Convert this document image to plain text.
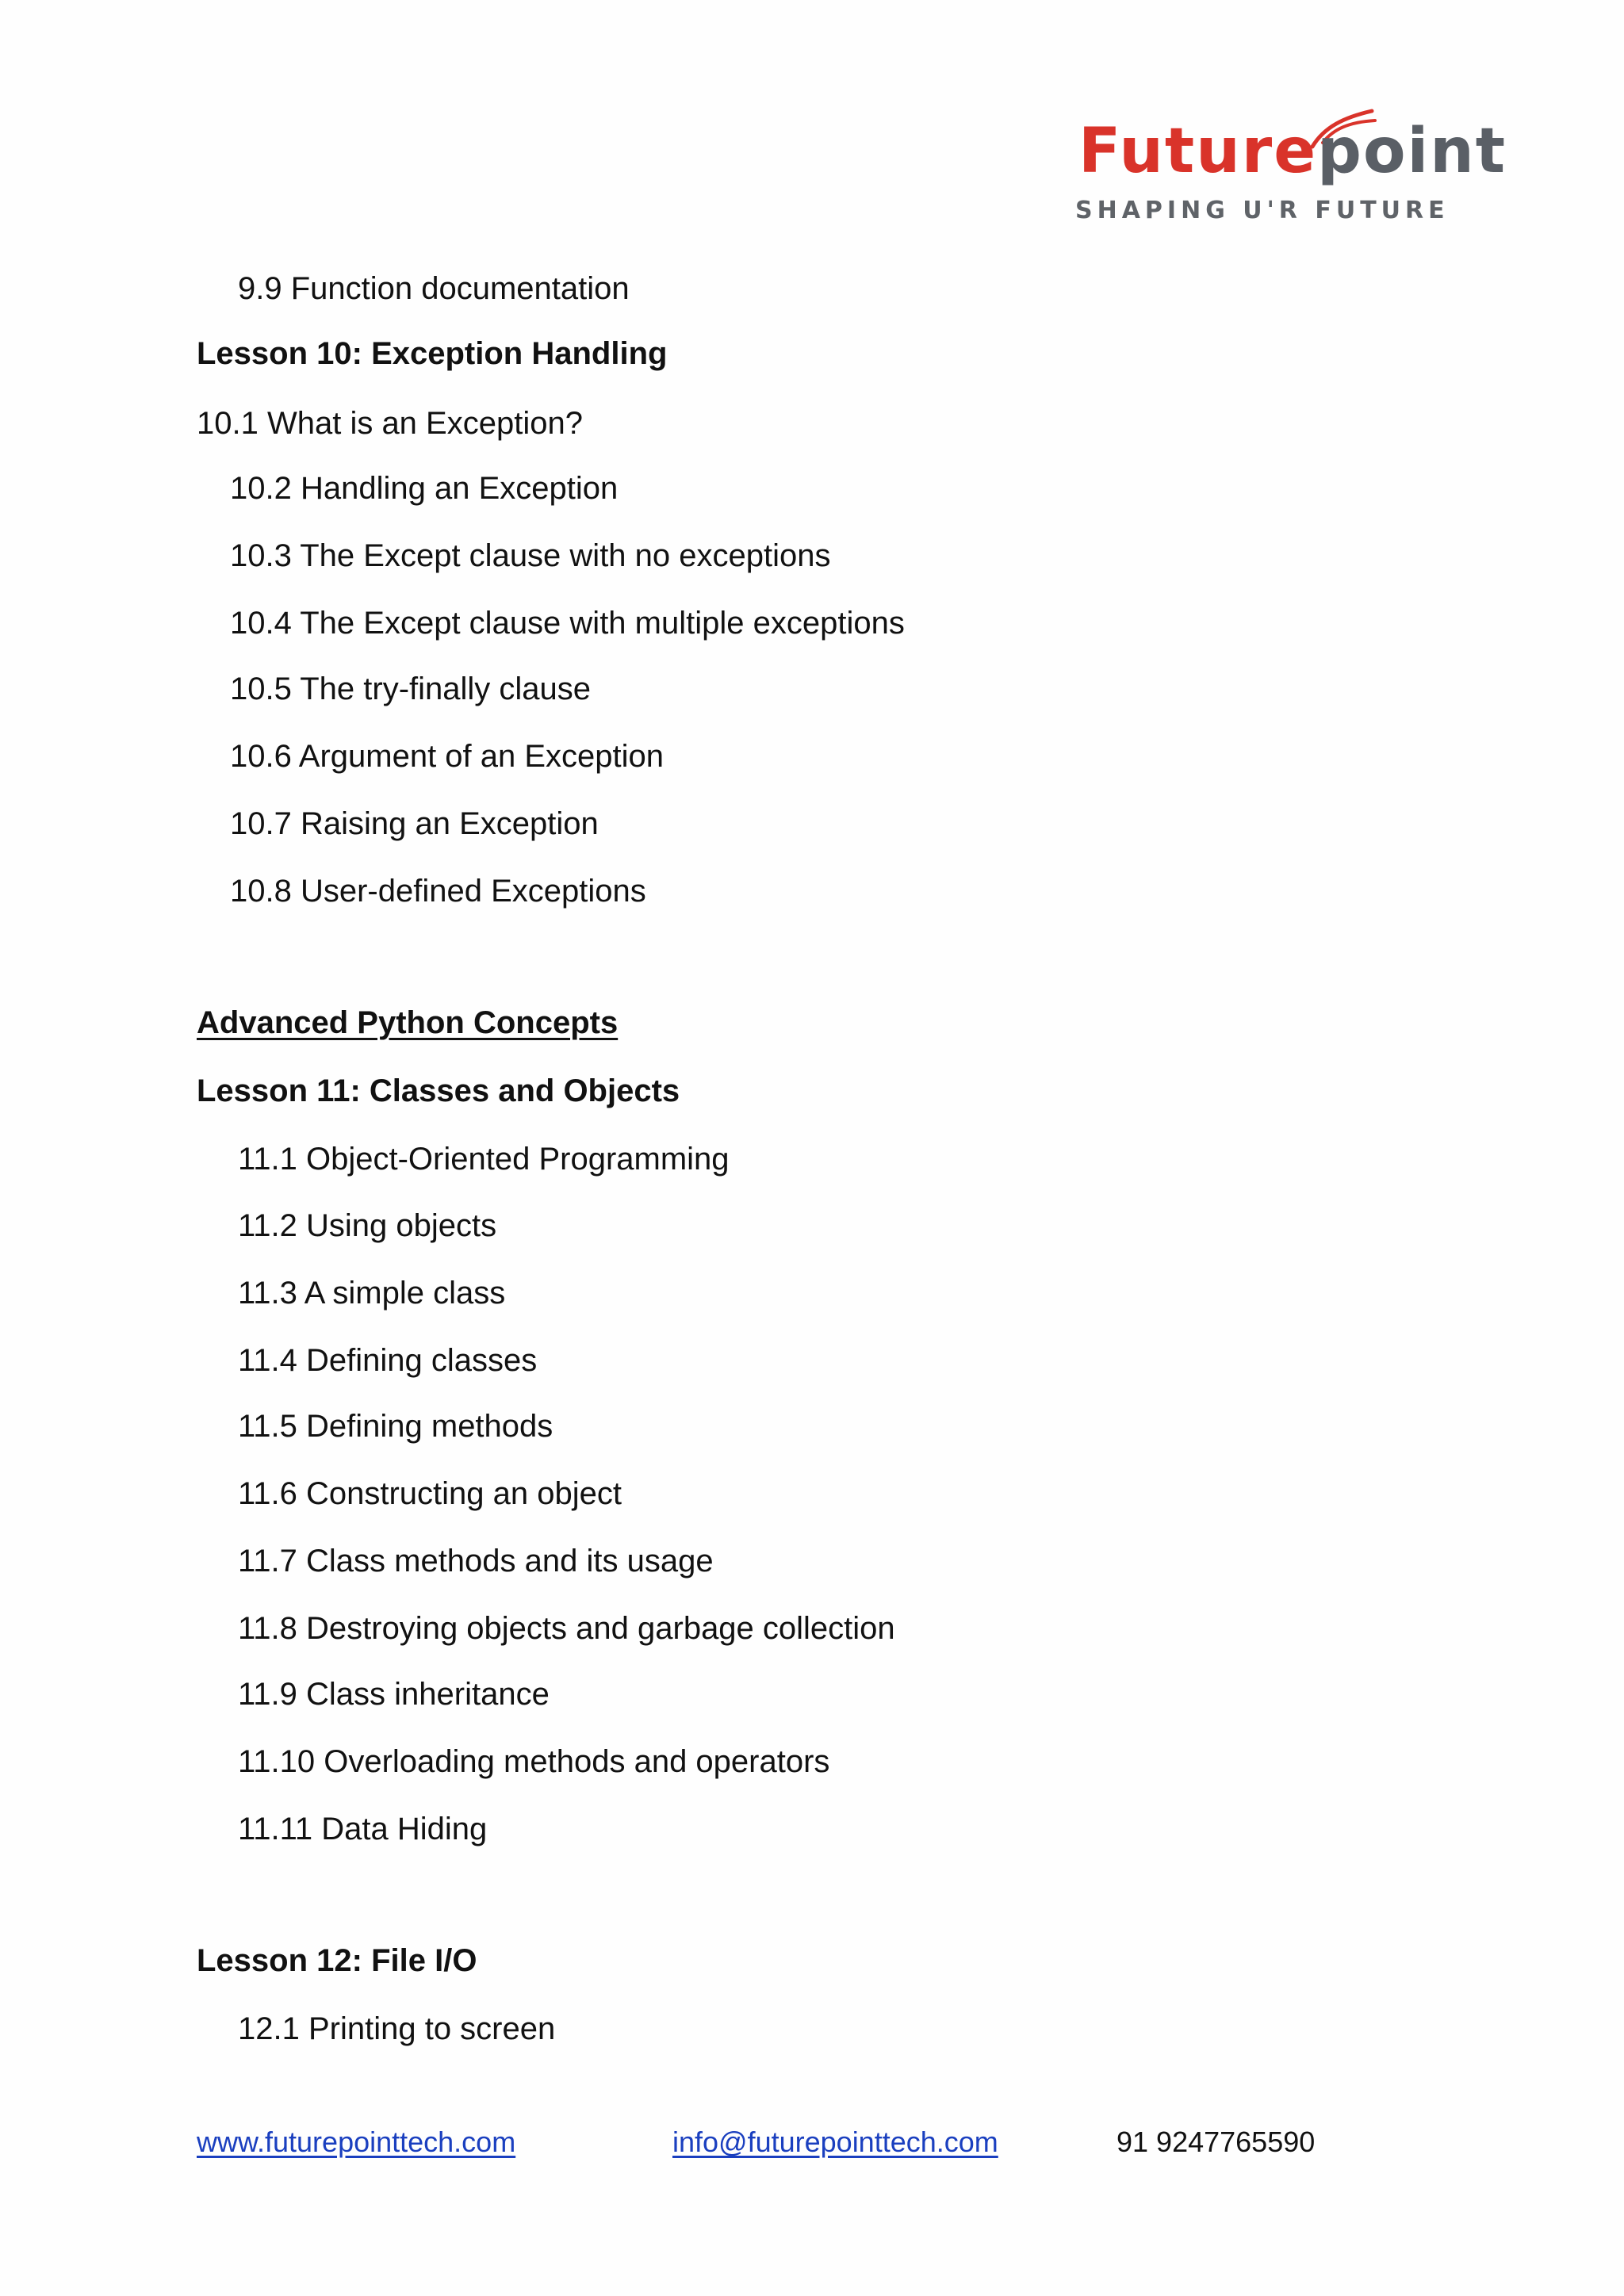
Futurepoint
SHAPING U'R FUTURE
9.9 Function documentation
Lesson 10: Exception Handling
10.1 What is an Exception?
10.2 Handling an Exception
10.3 The Except clause with no exceptions
10.4 The Except clause with multiple exceptions
10.5 The try-finally clause
10.6 Argument of an Exception
10.7 Raising an Exception
10.8 User-defined Exceptions
Advanced Python Concepts
Lesson 11: Classes and Objects
11.1 Object-Oriented Programming
11.2 Using objects
11.3 A simple class
11.4 Defining classes
11.5 Defining methods
11.6 Constructing an object
11.7 Class methods and its usage
11.8 Destroying objects and garbage collection
11.9 Class inheritance
11.10 Overloading methods and operators
11.11 Data Hiding
Lesson 12: File I/O
12.1 Printing to screen
www.futurepointtech.com	info@futurepointtech.com	91 9247765590
